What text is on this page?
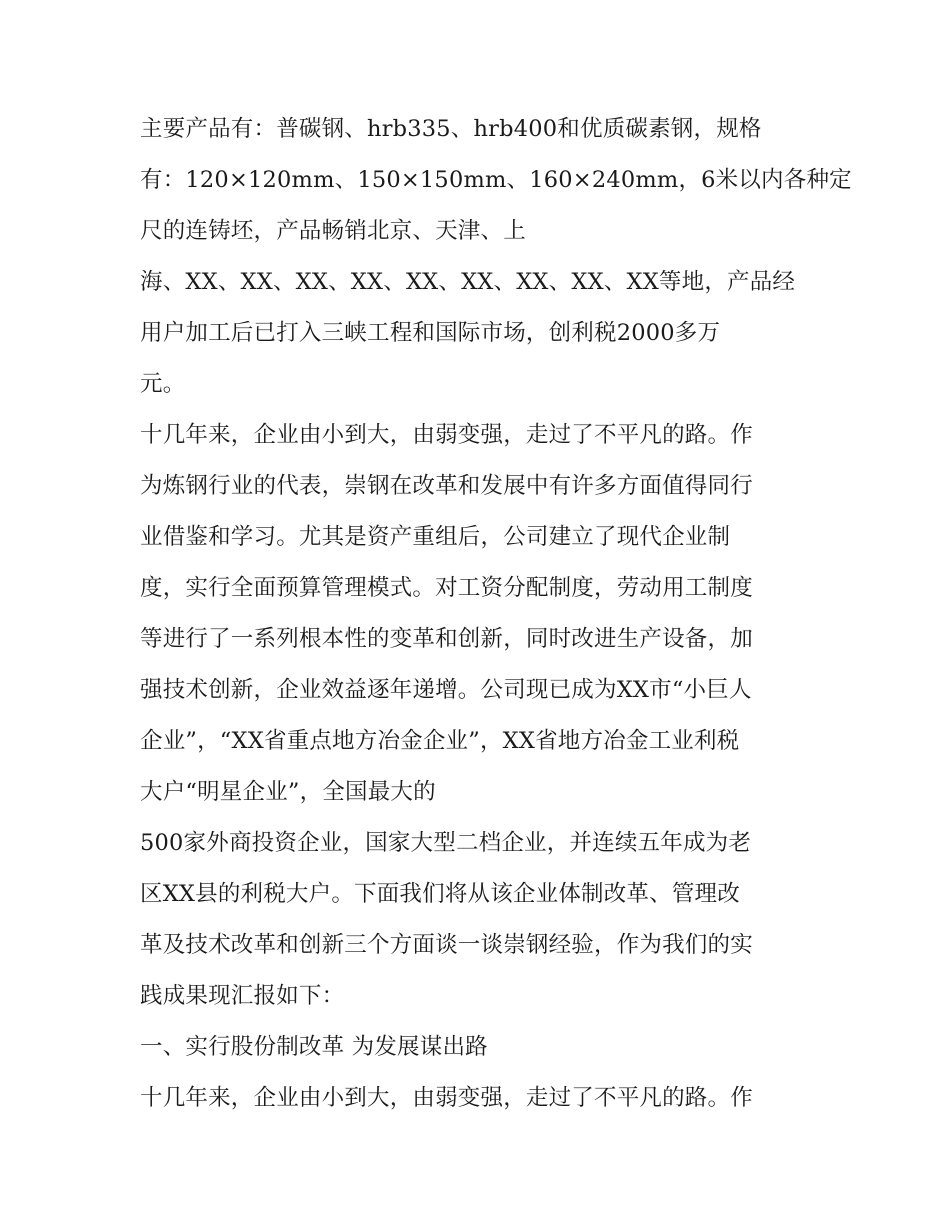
主要产品有：普碳钢、hrb335、hrb400和优质碳素钢，规格
有：120×120mm、150×150mm、160×240mm，6米以内各种定
尺的连铸坯，产品畅销北京、天津、上
海、XX、XX、XX、XX、XX、XX、XX、XX、XX等地，产品经
用户加工后已打入三峡工程和国际市场，创利税2000多万
元。
十几年来，企业由小到大，由弱变强，走过了不平凡的路。作
为炼钢行业的代表，崇钢在改革和发展中有许多方面值得同行
业借鉴和学习。尤其是资产重组后，公司建立了现代企业制
度，实行全面预算管理模式。对工资分配制度，劳动用工制度
等进行了一系列根本性的变革和创新，同时改进生产设备，加
强技术创新，企业效益逐年递增。公司现已成为XX市“小巨人
企业”，“XX省重点地方冶金企业”，XX省地方冶金工业利税
大户“明星企业”，全国最大的
500家外商投资企业，国家大型二档企业，并连续五年成为老
区XX县的利税大户。下面我们将从该企业体制改革、管理改
革及技术改革和创新三个方面谈一谈崇钢经验，作为我们的实
践成果现汇报如下：
一、实行股份制改革 为发展谋出路
十几年来，企业由小到大，由弱变强，走过了不平凡的路。作
